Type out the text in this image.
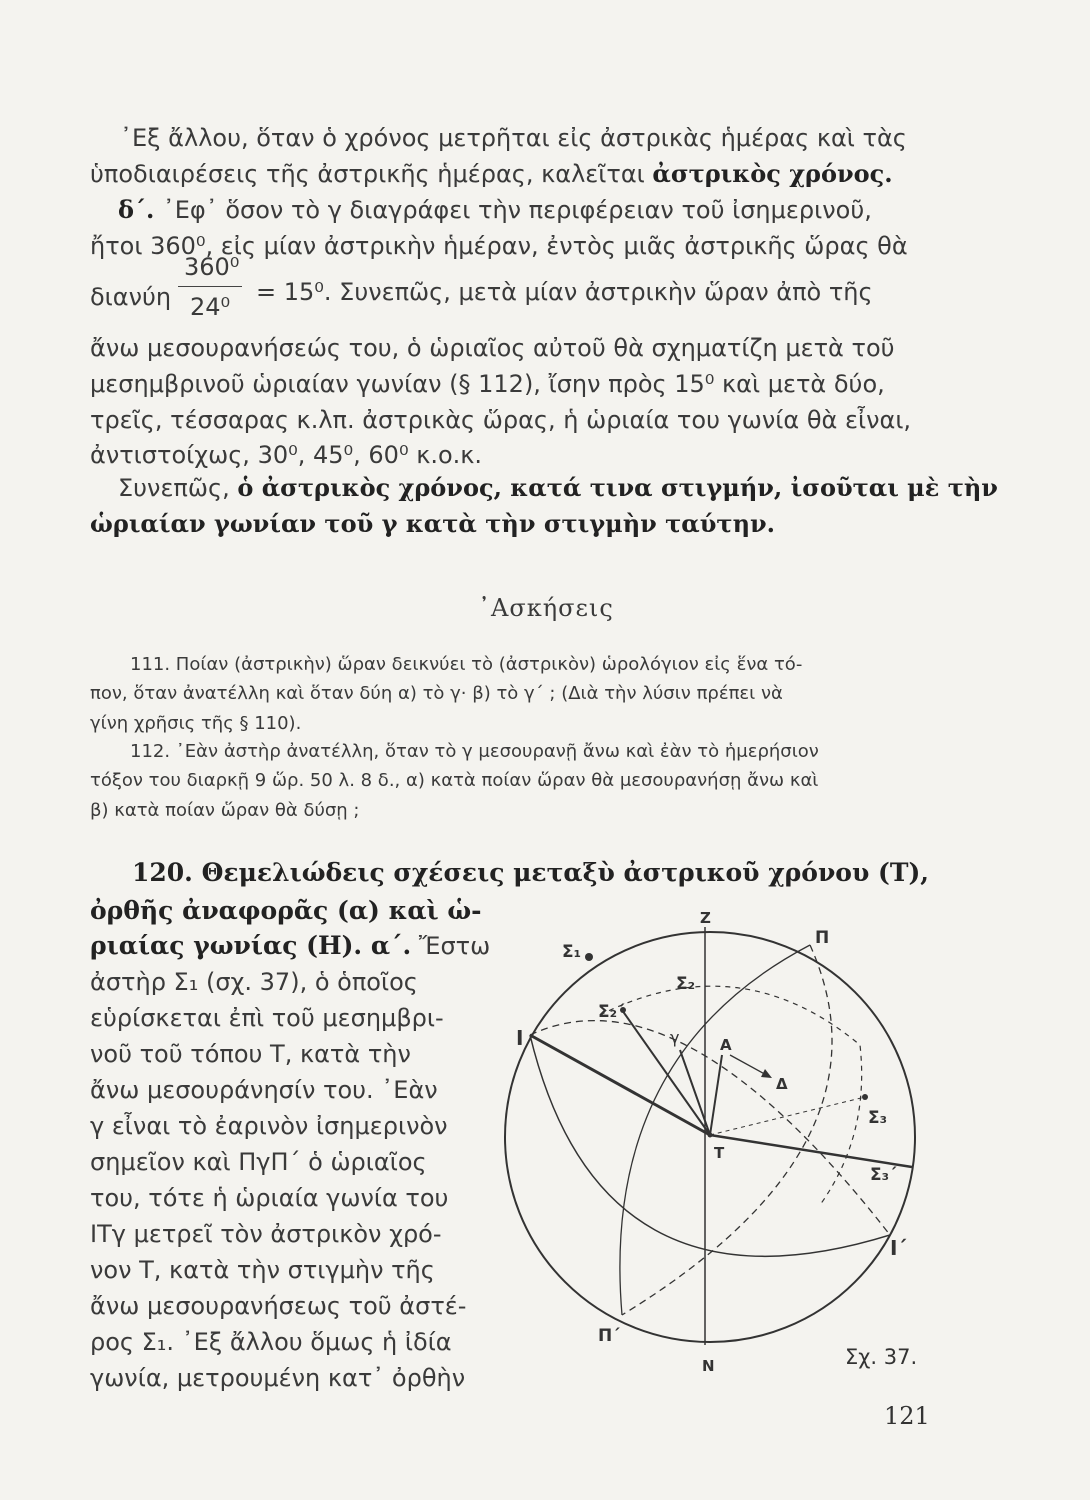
᾿Εξ ἄλλου, ὅταν ὁ χρόνος μετρῆται εἰς ἀστρικὰς ἡμέρας καὶ τὰς
ὑποδιαιρέσεις τῆς ἀστρικῆς ἡμέρας, καλεῖται ἀστρικὸς χρόνος.
δ΄. ᾿Εφ᾿ ὅσον τὸ γ διαγράφει τὴν περιφέρειαν τοῦ ἰσημερινοῦ,
ἤτοι 360⁰, εἰς μίαν ἀστρικὴν ἡμέραν, ἐντὸς μιᾶς ἀστρικῆς ὥρας θὰ
διανύη
360⁰
24⁰
= 15⁰. Συνεπῶς, μετὰ μίαν ἀστρικὴν ὥραν ἀπὸ τῆς
ἄνω μεσουρανήσεώς του, ὁ ὡριαῖος αὐτοῦ θὰ σχηματίζη μετὰ τοῦ
μεσημβρινοῦ ὡριαίαν γωνίαν (§ 112), ἴσην πρὸς 15⁰ καὶ μετὰ δύο,
τρεῖς, τέσσαρας κ.λπ. ἀστρικὰς ὥρας, ἡ ὡριαία του γωνία θὰ εἶναι,
ἀντιστοίχως, 30⁰, 45⁰, 60⁰ κ.ο.κ.
Συνεπῶς, ὁ ἀστρικὸς χρόνος, κατά τινα στιγμήν, ἰσοῦται μὲ τὴν
ὡριαίαν γωνίαν τοῦ γ κατὰ τὴν στιγμὴν ταύτην.
᾿Ασκήσεις
111. Ποίαν (ἀστρικὴν) ὥραν δεικνύει τὸ (ἀστρικὸν) ὡρολόγιον εἰς ἕνα τό-
πον, ὅταν ἀνατέλλη καὶ ὅταν δύη α) τὸ γ· β) τὸ γ΄ ; (Διὰ τὴν λύσιν πρέπει νὰ
γίνη χρῆσις τῆς § 110).
112. ᾿Εὰν ἀστὴρ ἀνατέλλη, ὅταν τὸ γ μεσουρανῇ ἄνω καὶ ἐὰν τὸ ἡμερήσιον
τόξον του διαρκῇ 9 ὥρ. 50 λ. 8 δ., α) κατὰ ποίαν ὥραν θὰ μεσουρανήσῃ ἄνω καὶ
β) κατὰ ποίαν ὥραν θὰ δύσῃ ;
120. Θεμελιώδεις σχέσεις μεταξὺ ἀστρικοῦ χρόνου (Τ),
ὀρθῆς ἀναφορᾶς (α) καὶ ὡ-
ριαίας γωνίας (Η). α΄. Ἔστω
ἀστὴρ Σ₁ (σχ. 37), ὁ ὁποῖος
εὑρίσκεται ἐπὶ τοῦ μεσημβρι-
νοῦ τοῦ τόπου Τ, κατὰ τὴν
ἄνω μεσουράνησίν του. ᾿Εὰν
γ εἶναι τὸ ἐαρινὸν ἰσημερινὸν
σημεῖον καὶ ΠγΠ΄ ὁ ὡριαῖος
του, τότε ἡ ὡριαία γωνία του
ΙΤγ μετρεῖ τὸν ἀστρικὸν χρό-
νον Τ, κατὰ τὴν στιγμὴν τῆς
ἄνω μεσουρανήσεως τοῦ ἀστέ-
ρος Σ₁. ᾿Εξ ἄλλου ὅμως ἡ ἰδία
γωνία, μετρουμένη κατ᾿ ὀρθὴν
Z
N
Σ₁
Σ₂
Σ₂΄
Π
Π΄
Ι
Ι΄
γ	Α
Δ
Σ₃
Σ₃΄
Τ
Σχ. 37.
121
